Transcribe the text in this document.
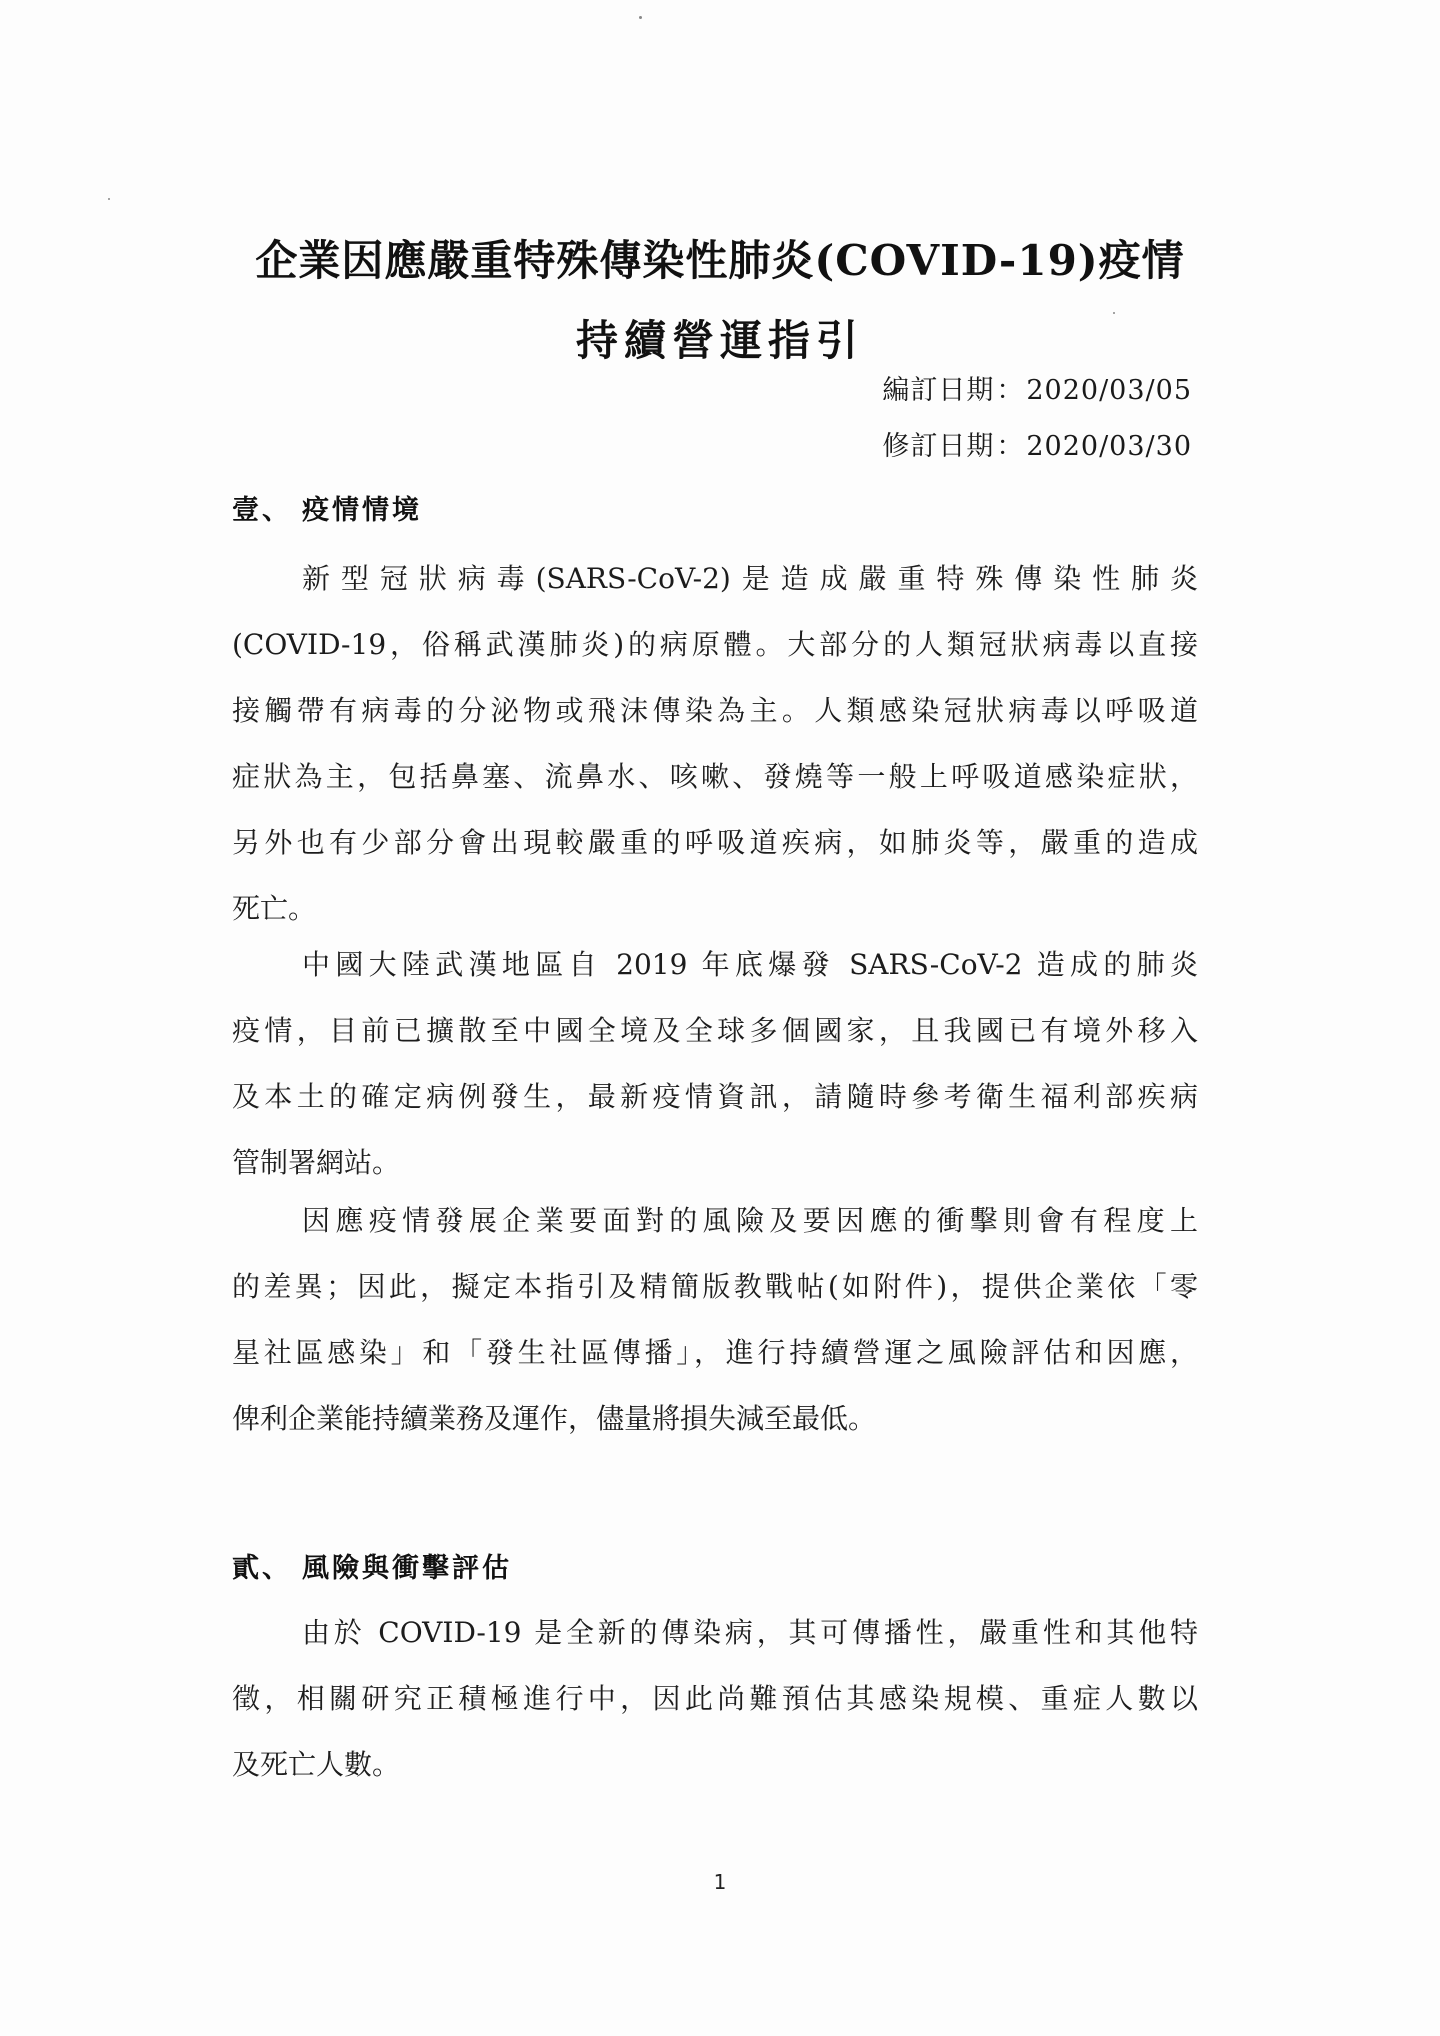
企業因應嚴重特殊傳染性肺炎(COVID-19)疫情
持續營運指引
編訂日期：2020/03/05
修訂日期：2020/03/30
壹、 疫情情境
新型冠狀病毒(SARS-CoV-2)是造成嚴重特殊傳染性肺炎
(COVID-19，俗稱武漢肺炎)的病原體。大部分的人類冠狀病毒以直接
接觸帶有病毒的分泌物或飛沫傳染為主。人類感染冠狀病毒以呼吸道
症狀為主，包括鼻塞、流鼻水、咳嗽、發燒等一般上呼吸道感染症狀，
另外也有少部分會出現較嚴重的呼吸道疾病，如肺炎等，嚴重的造成
死亡。
中國大陸武漢地區自 2019 年底爆發 SARS-CoV-2 造成的肺炎
疫情，目前已擴散至中國全境及全球多個國家，且我國已有境外移入
及本土的確定病例發生，最新疫情資訊，請隨時參考衛生福利部疾病
管制署網站。
因應疫情發展企業要面對的風險及要因應的衝擊則會有程度上
的差異；因此，擬定本指引及精簡版教戰帖(如附件)，提供企業依「零
星社區感染」和「發生社區傳播」，進行持續營運之風險評估和因應，
俾利企業能持續業務及運作，儘量將損失減至最低。
貳、 風險與衝擊評估
由於 COVID-19 是全新的傳染病，其可傳播性，嚴重性和其他特
徵，相關研究正積極進行中，因此尚難預估其感染規模、重症人數以
及死亡人數。
1
